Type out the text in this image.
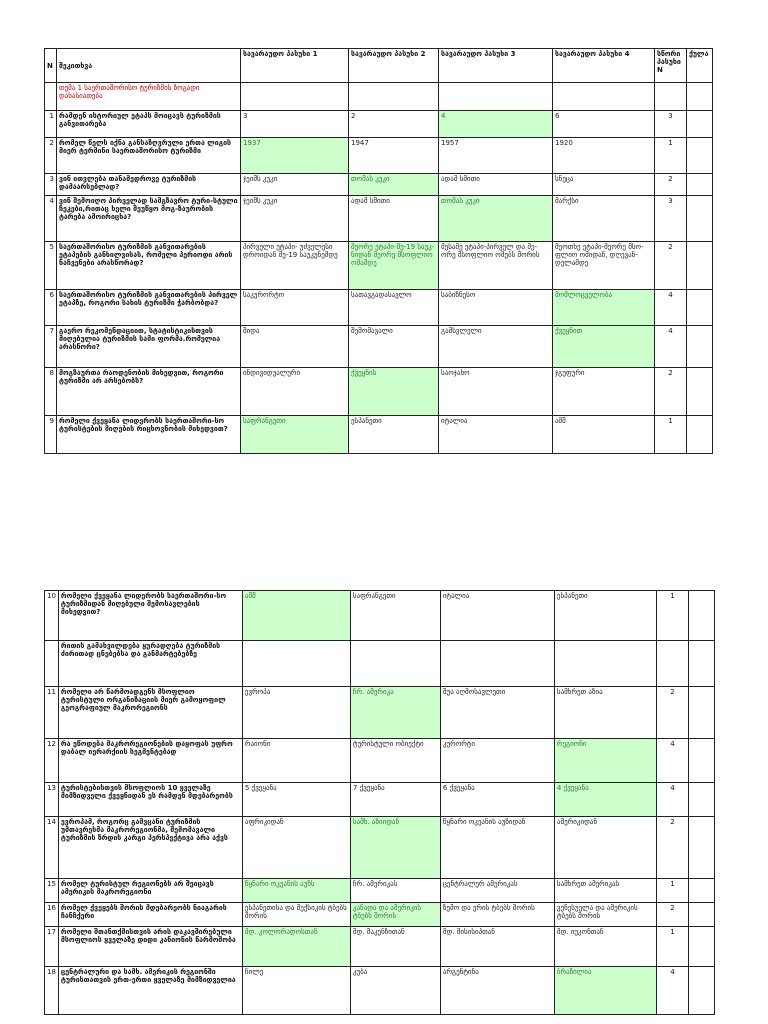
N	შეკითხვა	სავარაუდო პასუხი 1	სავარაუდო პასუხი 2	სავარაუდო პასუხი 3	სავარაუდო პასუხი 4	სწორი პასუხი N	ქულა
	თემა 1 საერთაშორისო ტურიზმის ზოგადი დახასიათება						
1	რამდენ ისტორიულ ეტაპს მოიცავს ტურიზმის განვითარება	3	2	4	6	3	
2	რომელ წელს იქნა განსაზღვრული ერთა ლიგის მიერ ტერმინი საერთაშორისო ტურიზმი	1937	1947	1957	1920	1	
3	ვინ ითვლება თანამედროვე ტურიზმის დამაარსებლად?	ჯეიმს კუკი	თომას კუკი	ადამ სმითი	სნეცა	2	
4	ვინ შემოიღო პირველად სამგზავრო ტური-სტული ჩეკები,რითაც ხელი შეუწყო მოგ-ზაურობის ტარება ამოირიცხა?	ჯეიმს კუკი	ადამ სმითი	თომას კუკი	მარქსი	3	
5	საერთაშორისო ტურიზმის განვითარების ეტაპების განხილვისას, რომელი პერიოდი არის ნაჩვენები არასწორად?	პირველი ეტაპი- უძველესი დროიდან მე-19 საუკუნემდე	მეორე ეტაპი-მე-19 საუკ-ნიდან მეორე მსოფლიო ომამდე	მესამე ეტაპი-პირველ და მე-ორე მსოფლიო ომებს შორის	მეოთხე ეტაპი-მეორე მსო-ფლიო ომიდან, დღევან-დელამდე	2	
6	საერთაშორისო ტურიზმის განვითარების პირველ ეტაპზე, როგორი სახის ტურიზმი ჭარბობდა?	საკურორტო	სათავგადასავლო	საბიზნესო	მომლოცველობა	4	
7	გაერო რეკომენდაციით, სტატისტიკისთვის მიღებულია ტურიზმის სამი ფორმა.რომელია არასწორი?	შიდა	შემომავალი	გამსვლელი	ქვეყნით	4	
8	მოგზაურთა რაოდენობის მიხედვით, როგორი ტურიზმი არ არსებობს?	ინდივიდუალური	ქვეყნის	საოჯახო	ჯგუფური	2	
9	რომელი ქვეყანა ლიდერობს საერთაშორი-სო ტურისტების მიღების რიცხოვნობის მიხედვით?	საფრანგეთი	ესპანეთი	იტალია	აშშ	1	
10	რომელი ქვეყანა ლიდერობს საერთაშორი-სო ტურიზმიდან მიღებული შემოსავლების მიხედვით?	აშშ	საფრანგეთი	იტალია	ესპანეთი	1	
	რითის გამახვილდება ყურადღება ტურიზმის ძირითად ცნებებსა და განმარტებებზე						
11	რომელი არ წარმოადგენს მსოფლიო ტურისტული ორგანიზაციის მიერ გამოყოფილ გეოგრაფიულ მაკრორეგიონს	ევროპა	ჩრ. ამერიკა	შუა აღმოსავლეთი	სამხრეთ აზია	2	
12	რა ეწოდება მაკრორეგიონების დაყოფას უფრო დაბალ იერარქიის სეგმენტებად	რაიონი	ტურისტული ობიექტი	კურორტი	რეგიონი	4	
13	ტურისტებისთვის მსოფლიოს 10 ყველაზე მიმზიდველი ქვეყნიდან ეს რამდენ მდებარეობს	5 ქვეყანა	7 ქვეყანა	6 ქვეყანა	4 ქვეყანა	4	
14	ევროპამ, როგორც გამვცანი ტურიზმის უმთავრესმა მაკრორეგიონმა, შემომავალი ტურიზმის ზრდის კარგი პერსპექტივა არა აქვს	აფრიკიდან	სამხ. აზიიდან	წყნარი ოკეანის აუზიდან	ამერიკიდან	2	
15	რომელ ტურისტულ რეგიონებს არ შეიცავს ამერიკის მაკრორეგიონი	წყნარი ოკეანის აუზს	ჩრ. ამერიკას	ცენტრალურ ამერიკას	სამხრეთ ამერიკას	1	
16	რომელ ქვეყებს შორის მდებარეობს ნიაგარის ჩანჩქერი	ესპანეთისა და მექსიკის ტბებს შორის	კანადა და ამერიკის ტბებს შორის	ზემო და ერის ტბებს შორის	ვენესუელა და ამერიკის ტბებს შორის	2	
17	რომელი შთანთქმისთვის არის დაკავშირებული მსოფლიოს ყველაზე დიდი კანიონის წარმოშობა	მდ. კოლორადოსთან	მდ. მაკენზითან	მდ. მისისიპთან	მდ. იუკონთან	1	
18	ცენტრალური და სამხ. ამერიკის რეგიონში ტურისთათვის ერთ-ერთი ყველაზე მიმზიდველია	ჩილე	კუბა	არგენტინა	ბრაზილია	4	
